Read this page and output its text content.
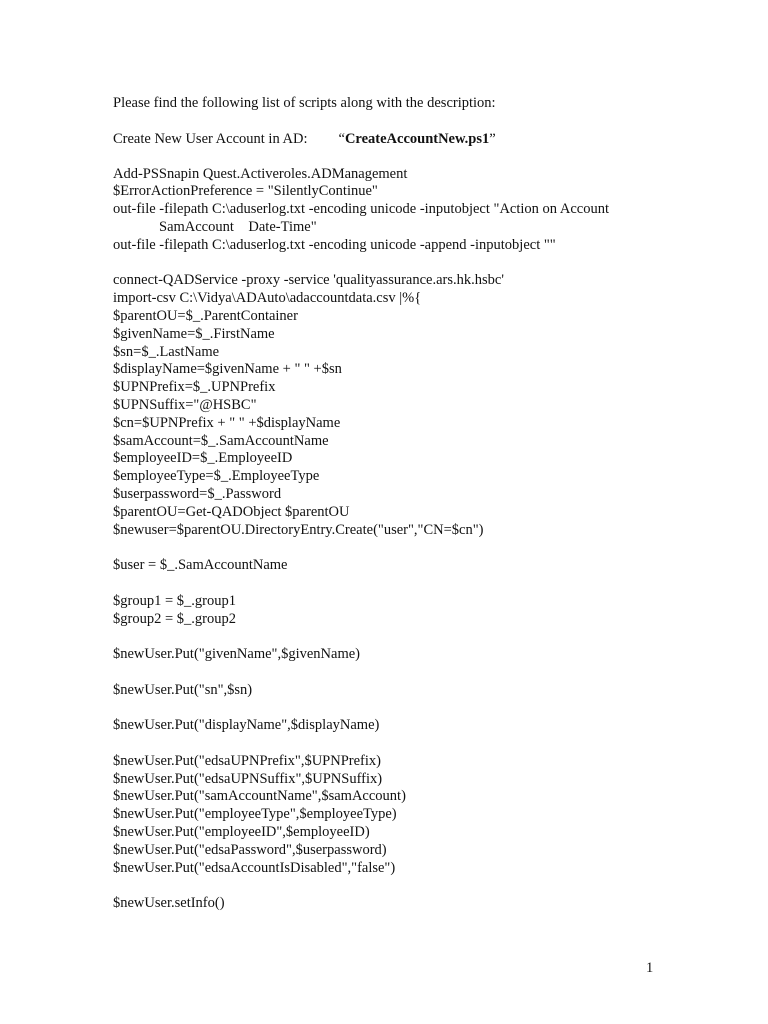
Please find the following list of scripts along with the description:
Create New User Account in AD: “CreateAccountNew.ps1”
Add-PSSnapin Quest.Activeroles.ADManagement
$ErrorActionPreference = "SilentlyContinue"
out-file -filepath C:\aduserlog.txt -encoding unicode -inputobject "Action on Account
SamAccount    Date-Time"
out-file -filepath C:\aduserlog.txt -encoding unicode -append -inputobject ""
connect-QADService -proxy -service 'qualityassurance.ars.hk.hsbc'
import-csv C:\Vidya\ADAuto\adaccountdata.csv |%{
$parentOU=$_.ParentContainer
$givenName=$_.FirstName
$sn=$_.LastName
$displayName=$givenName + " " +$sn
$UPNPrefix=$_.UPNPrefix
$UPNSuffix="@HSBC"
$cn=$UPNPrefix + " " +$displayName
$samAccount=$_.SamAccountName
$employeeID=$_.EmployeeID
$employeeType=$_.EmployeeType
$userpassword=$_.Password
$parentOU=Get-QADObject $parentOU
$newuser=$parentOU.DirectoryEntry.Create("user","CN=$cn")
$user = $_.SamAccountName
$group1 = $_.group1
$group2 = $_.group2
$newUser.Put("givenName",$givenName)
$newUser.Put("sn",$sn)
$newUser.Put("displayName",$displayName)
$newUser.Put("edsaUPNPrefix",$UPNPrefix)
$newUser.Put("edsaUPNSuffix",$UPNSuffix)
$newUser.Put("samAccountName",$samAccount)
$newUser.Put("employeeType",$employeeType)
$newUser.Put("employeeID",$employeeID)
$newUser.Put("edsaPassword",$userpassword)
$newUser.Put("edsaAccountIsDisabled","false")
$newUser.setInfo()
1
